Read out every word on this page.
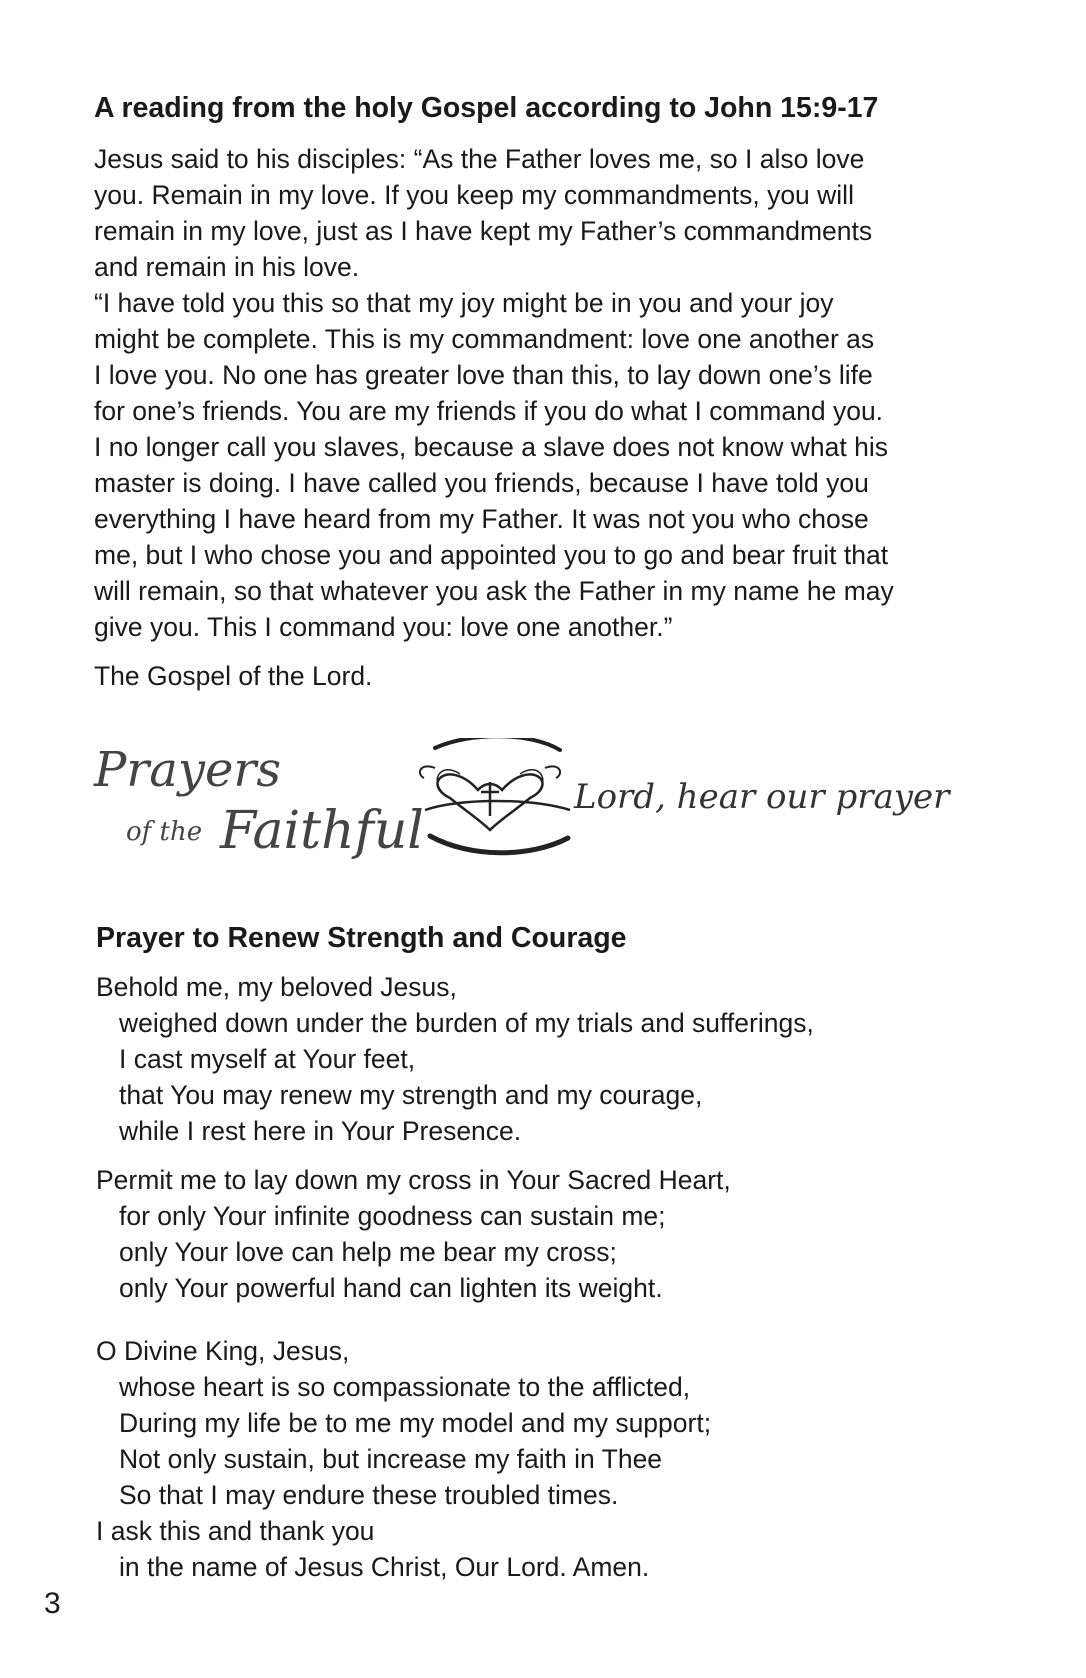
A reading from the holy Gospel according to John 15:9-17
Jesus said to his disciples: “As the Father loves me, so I also love
you. Remain in my love. If you keep my commandments, you will
remain in my love, just as I have kept my Father’s commandments
and remain in his love.
“I have told you this so that my joy might be in you and your joy
might be complete. This is my commandment: love one another as
I love you. No one has greater love than this, to lay down one’s life
for one’s friends. You are my friends if you do what I command you.
I no longer call you slaves, because a slave does not know what his
master is doing. I have called you friends, because I have told you
everything I have heard from my Father. It was not you who chose
me, but I who chose you and appointed you to go and bear fruit that
will remain, so that whatever you ask the Father in my name he may
give you. This I command you: love one another.”
The Gospel of the Lord.
Prayers
of the Faithful
Lord, hear our prayer
Prayer to Renew Strength and Courage
Behold me, my beloved Jesus,
weighed down under the burden of my trials and sufferings,
I cast myself at Your feet,
that You may renew my strength and my courage,
while I rest here in Your Presence.
Permit me to lay down my cross in Your Sacred Heart,
for only Your infinite goodness can sustain me;
only Your love can help me bear my cross;
only Your powerful hand can lighten its weight.
O Divine King, Jesus,
whose heart is so compassionate to the afflicted,
During my life be to me my model and my support;
Not only sustain, but increase my faith in Thee
So that I may endure these troubled times.
I ask this and thank you
in the name of Jesus Christ, Our Lord. Amen.
3
